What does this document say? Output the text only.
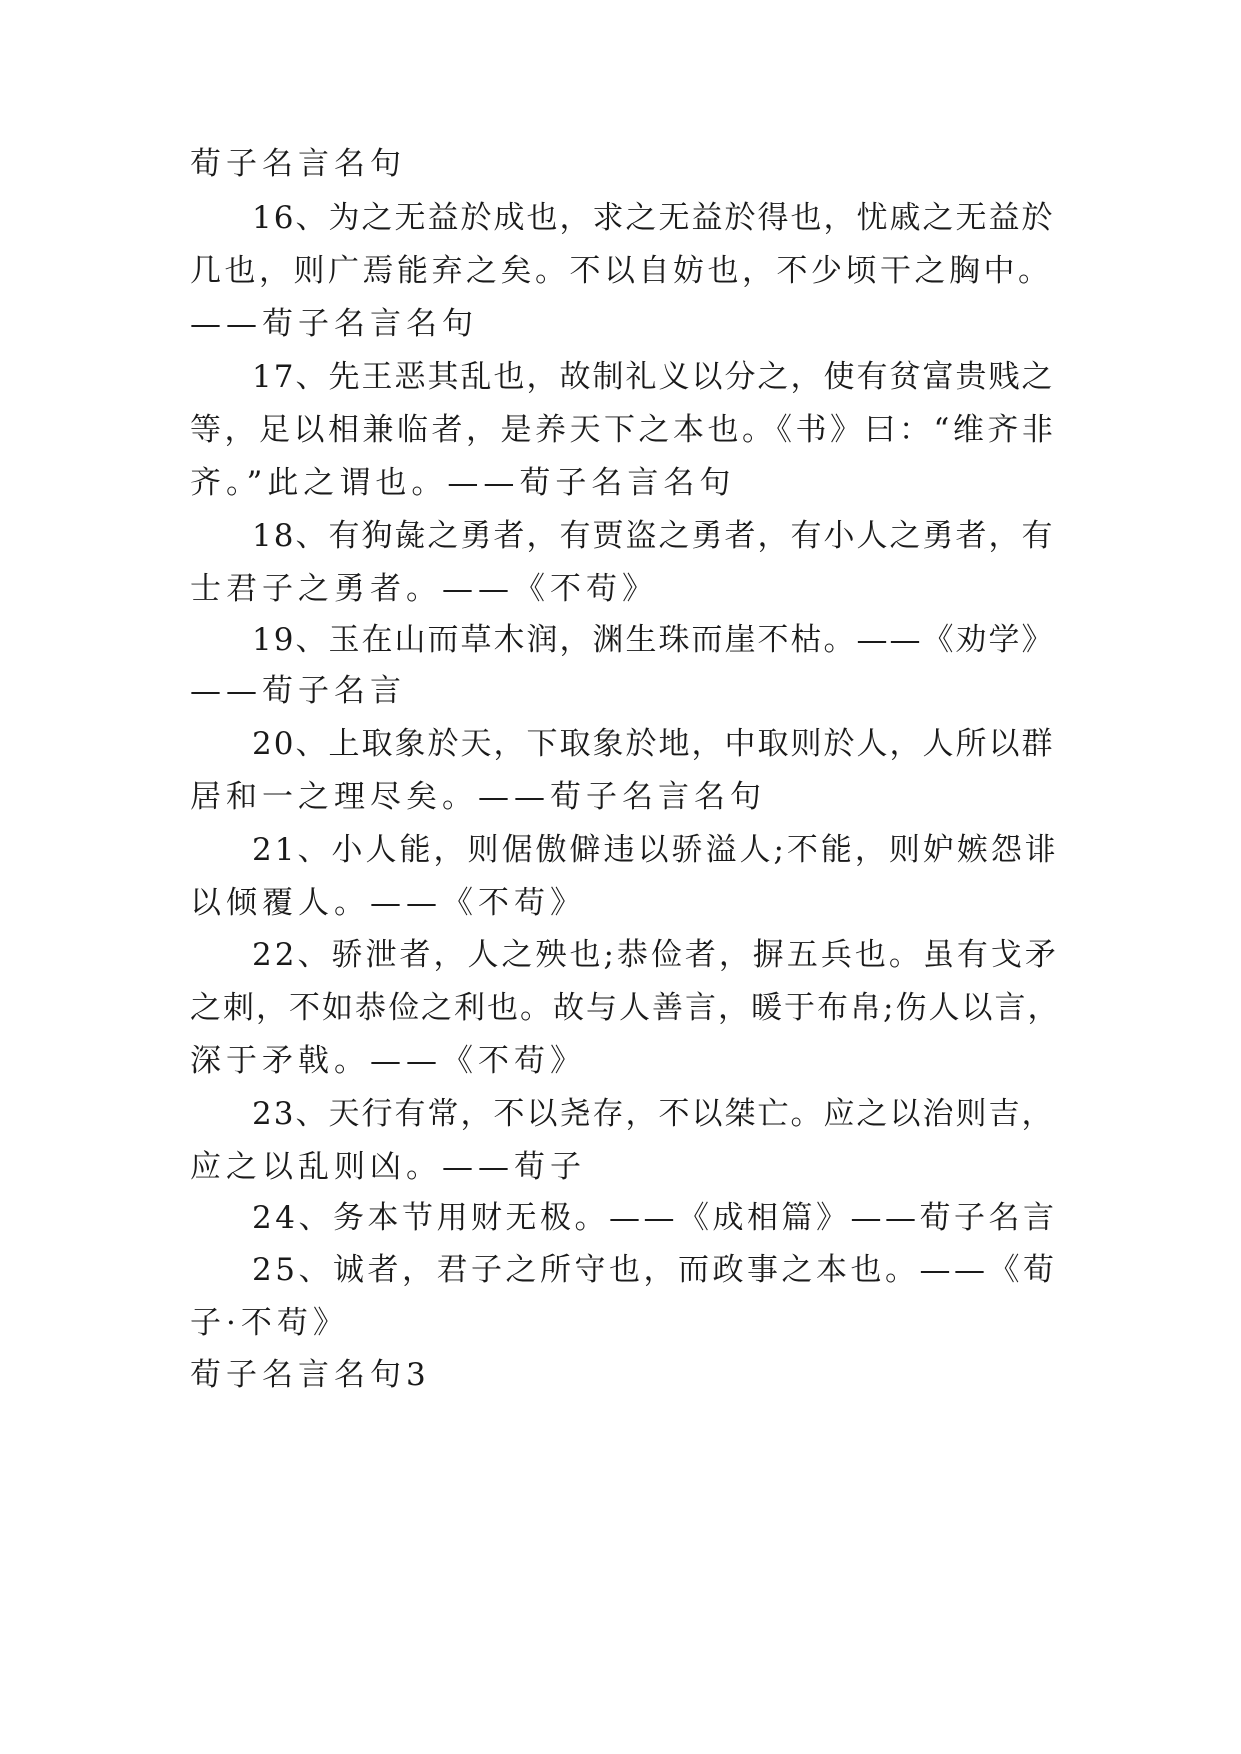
荀子名言名句
16、为之无益於成也，求之无益於得也，忧戚之无益於
几也，则广焉能弃之矣。不以自妨也，不少顷干之胸中。
——荀子名言名句
17、先王恶其乱也，故制礼义以分之，使有贫富贵贱之
等，足以相兼临者，是养天下之本也。《书》曰：“维齐非
齐。”此之谓也。——荀子名言名句
18、有狗彘之勇者，有贾盗之勇者，有小人之勇者，有
士君子之勇者。——《不苟》
19、玉在山而草木润，渊生珠而崖不枯。——《劝学》
——荀子名言
20、上取象於天，下取象於地，中取则於人，人所以群
居和一之理尽矣。——荀子名言名句
21、小人能，则倨傲僻违以骄溢人;不能，则妒嫉怨诽
以倾覆人。——《不苟》
22、骄泄者，人之殃也;恭俭者，摒五兵也。虽有戈矛
之刺，不如恭俭之利也。故与人善言，暖于布帛;伤人以言，
深于矛戟。——《不苟》
23、天行有常，不以尧存，不以桀亡。应之以治则吉，
应之以乱则凶。——荀子
24、务本节用财无极。——《成相篇》——荀子名言
25、诚者，君子之所守也，而政事之本也。——《荀
子·不苟》
荀子名言名句3
